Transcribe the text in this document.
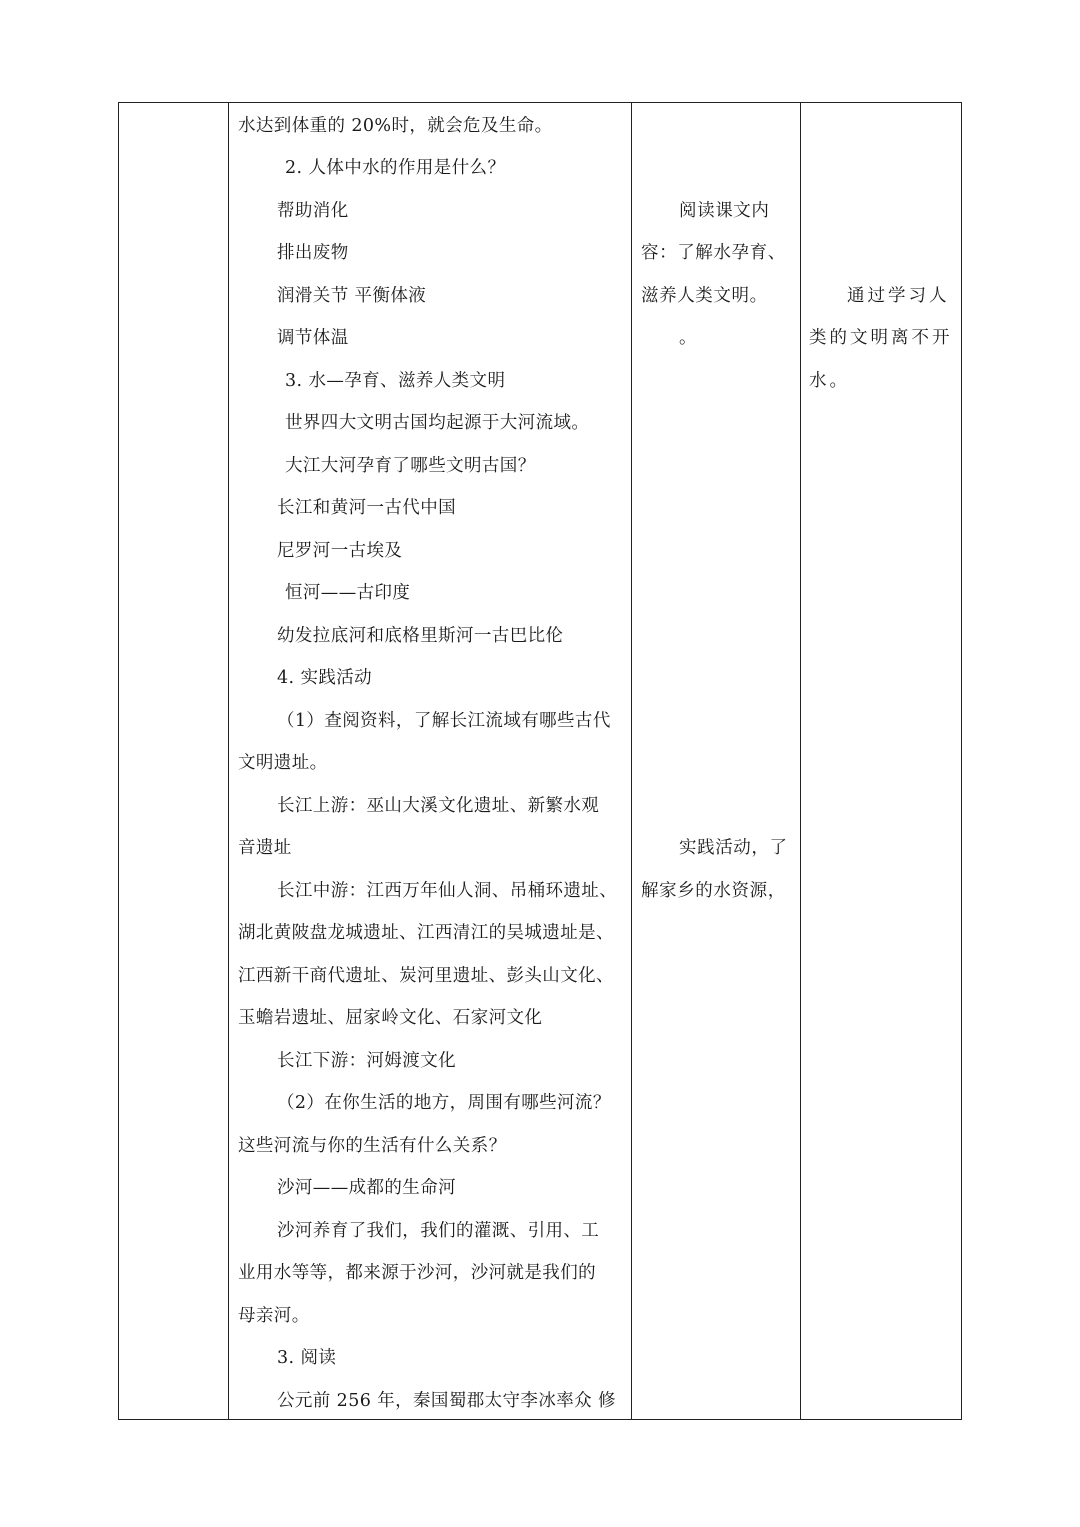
水达到体重的 20%时，就会危及生命。
2. 人体中水的作用是什么？
帮助消化
排出废物
润滑关节 平衡体液
调节体温
3. 水—孕育、滋养人类文明
世界四大文明古国均起源于大河流域。
大江大河孕育了哪些文明古国？
长江和黄河一古代中国
尼罗河一古埃及
恒河——古印度
幼发拉底河和底格里斯河一古巴比伦
4. 实践活动
（1）查阅资料，了解长江流域有哪些古代
文明遗址。
长江上游：巫山大溪文化遗址、新繁水观
音遗址
长江中游：江西万年仙人洞、吊桶环遗址、
湖北黄陂盘龙城遗址、江西清江的吴城遗址是、
江西新干商代遗址、炭河里遗址、彭头山文化、
玉蟾岩遗址、屈家岭文化、石家河文化
长江下游：河姆渡文化
（2）在你生活的地方，周围有哪些河流？
这些河流与你的生活有什么关系？
沙河——成都的生命河
沙河养育了我们，我们的灌溉、引用、工
业用水等等，都来源于沙河，沙河就是我们的
母亲河。
3. 阅读
公元前 256 年，秦国蜀郡太守李冰率众 修
阅读课文内
容：了解水孕育、
滋养人类文明。
。
实践活动，了
解家乡的水资源，
通过学习人
类的文明离不开
水。
